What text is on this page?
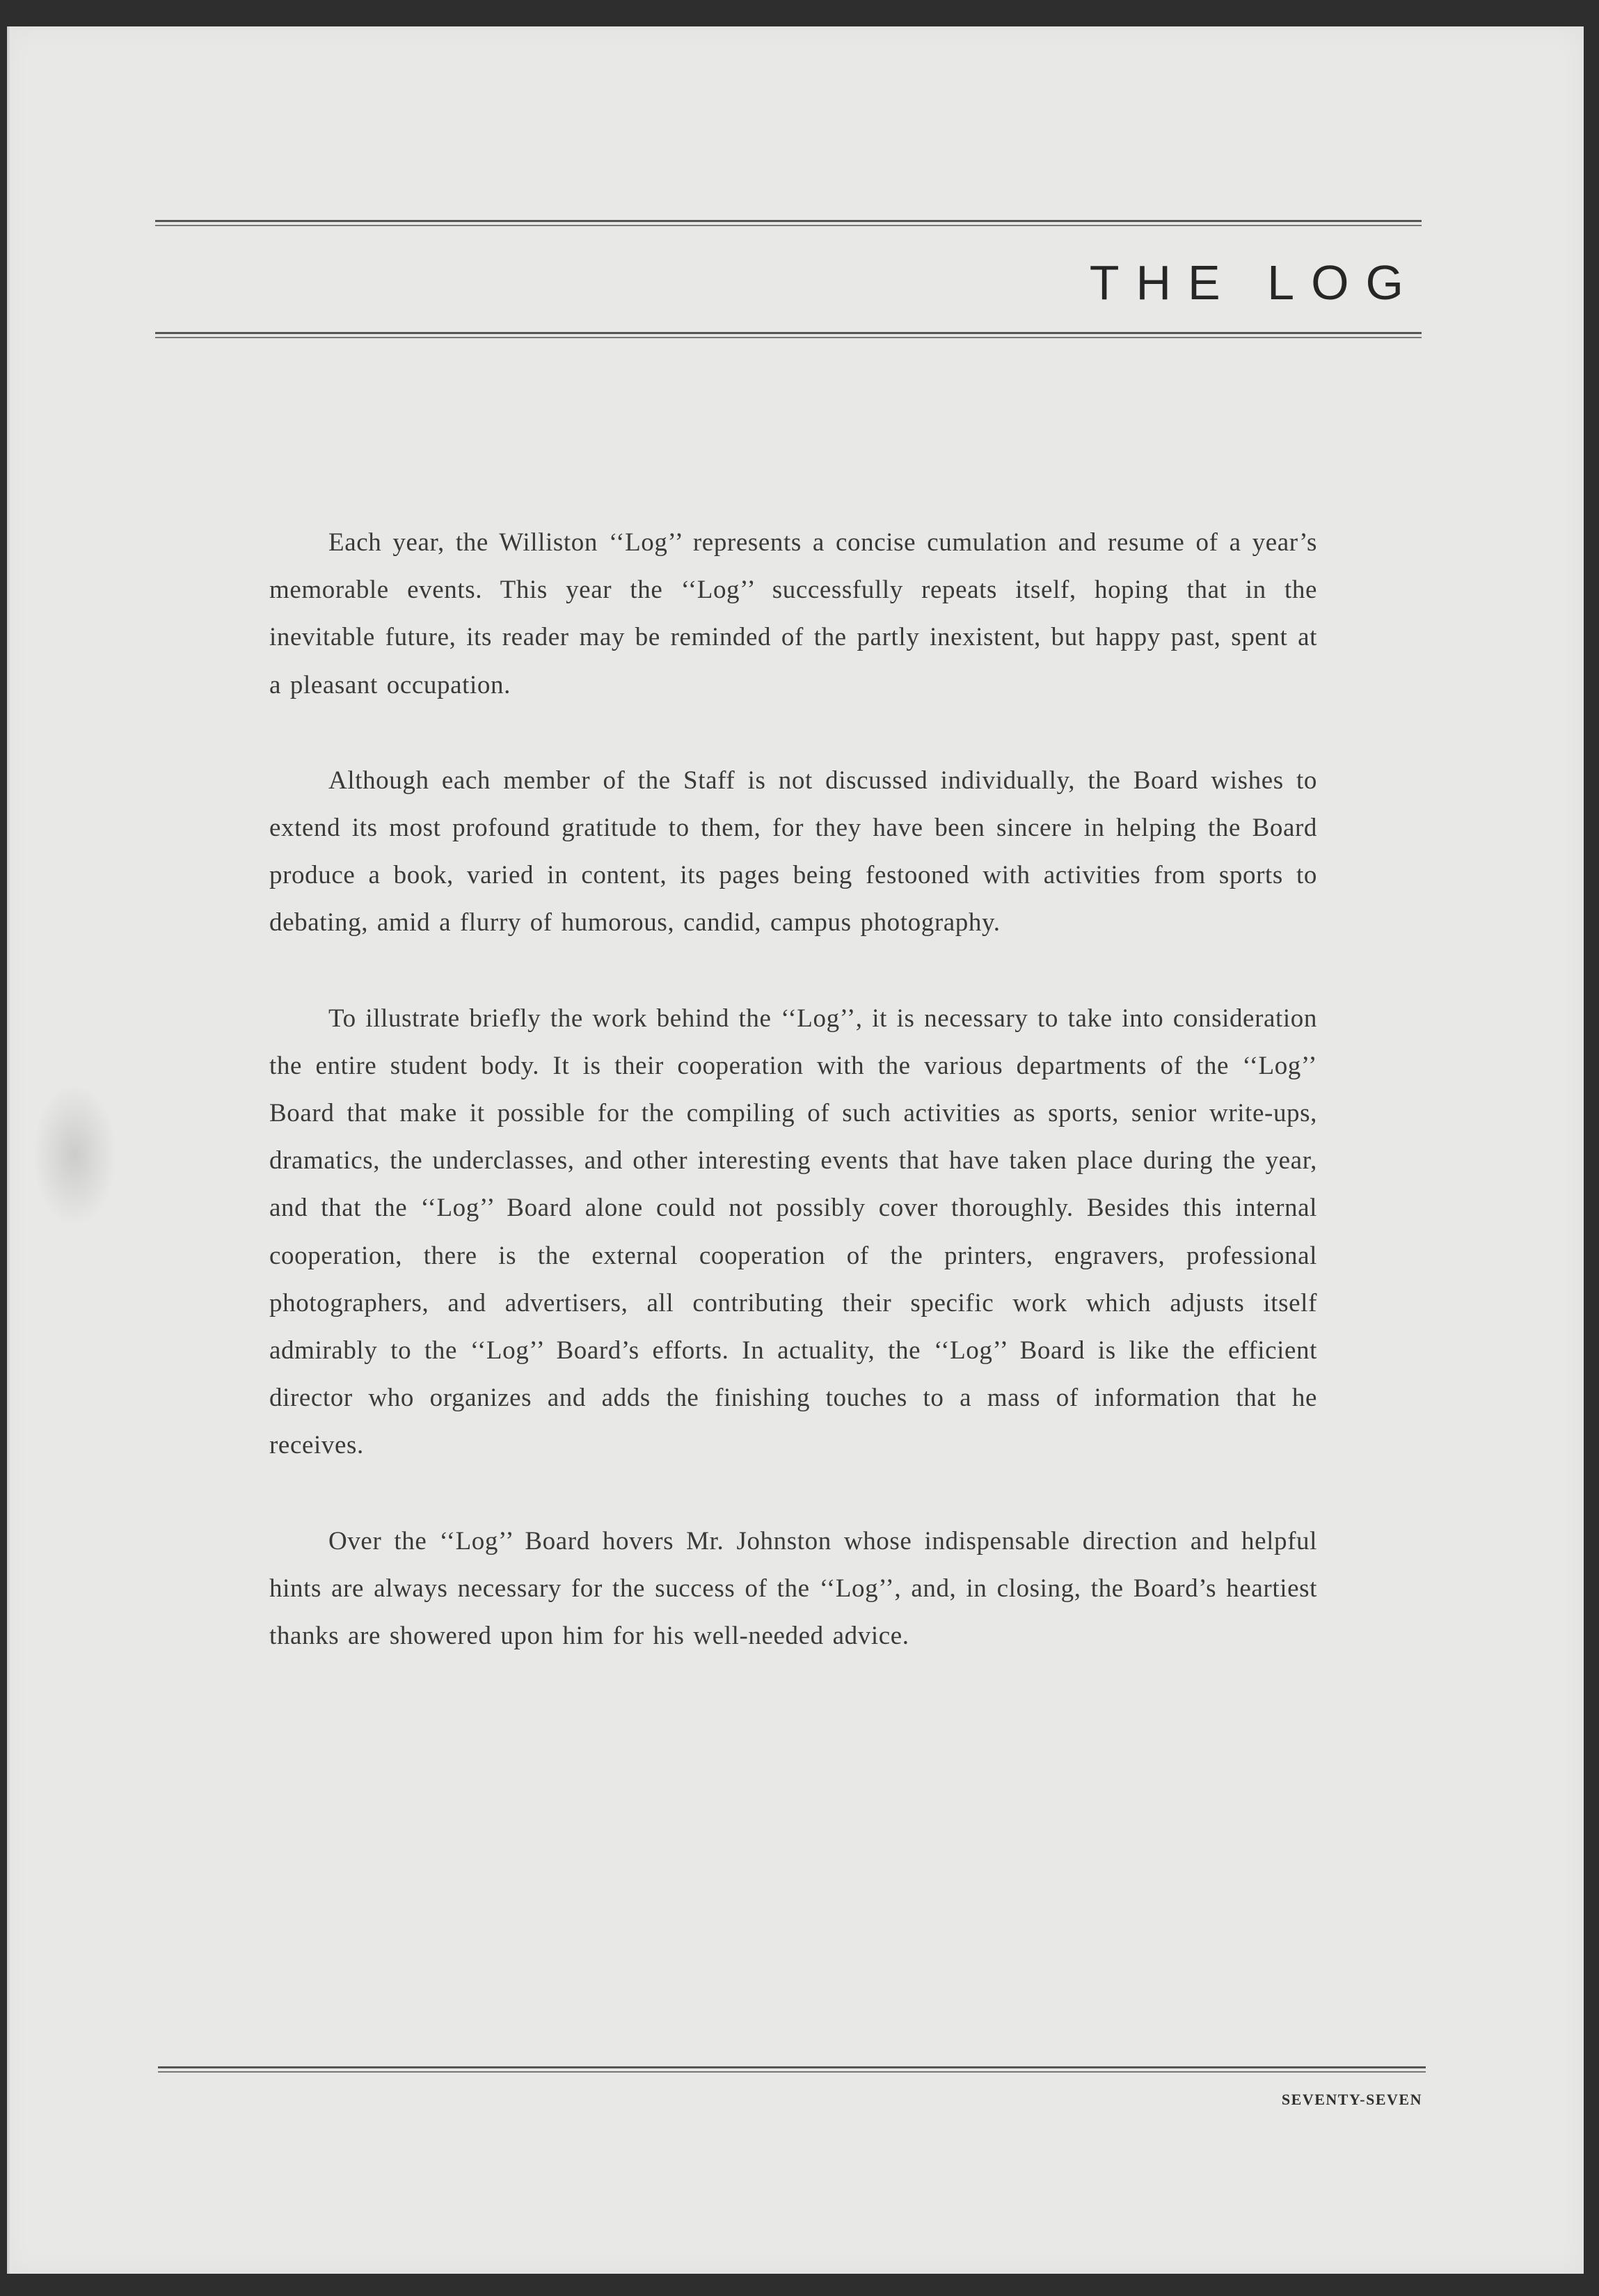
THE LOG

Each year, the Williston ‘‘Log’’ represents a concise cumulation and resume of a year’s memorable events. This year the ‘‘Log’’ successfully repeats itself, hoping that in the inevitable future, its reader may be reminded of the partly inexistent, but happy past, spent at a pleasant occupation.

Although each member of the Staff is not discussed individually, the Board wishes to extend its most profound gratitude to them, for they have been sincere in helping the Board produce a book, varied in content, its pages being festooned with activities from sports to debating, amid a flurry of humorous, candid, campus photography.

To illustrate briefly the work behind the ‘‘Log’’, it is necessary to take into consideration the entire student body. It is their cooperation with the various departments of the ‘‘Log’’ Board that make it possible for the compiling of such activities as sports, senior write-ups, dramatics, the underclasses, and other interesting events that have taken place during the year, and that the ‘‘Log’’ Board alone could not possibly cover thoroughly. Besides this internal cooperation, there is the external cooperation of the printers, engravers, professional photographers, and advertisers, all contributing their specific work which adjusts itself admirably to the ‘‘Log’’ Board’s efforts. In actuality, the ‘‘Log’’ Board is like the efficient director who organizes and adds the finishing touches to a mass of information that he receives.

Over the ‘‘Log’’ Board hovers Mr. Johnston whose indispensable direction and helpful hints are always necessary for the success of the ‘‘Log’’, and, in closing, the Board’s heartiest thanks are showered upon him for his well-needed advice.

SEVENTY-SEVEN
